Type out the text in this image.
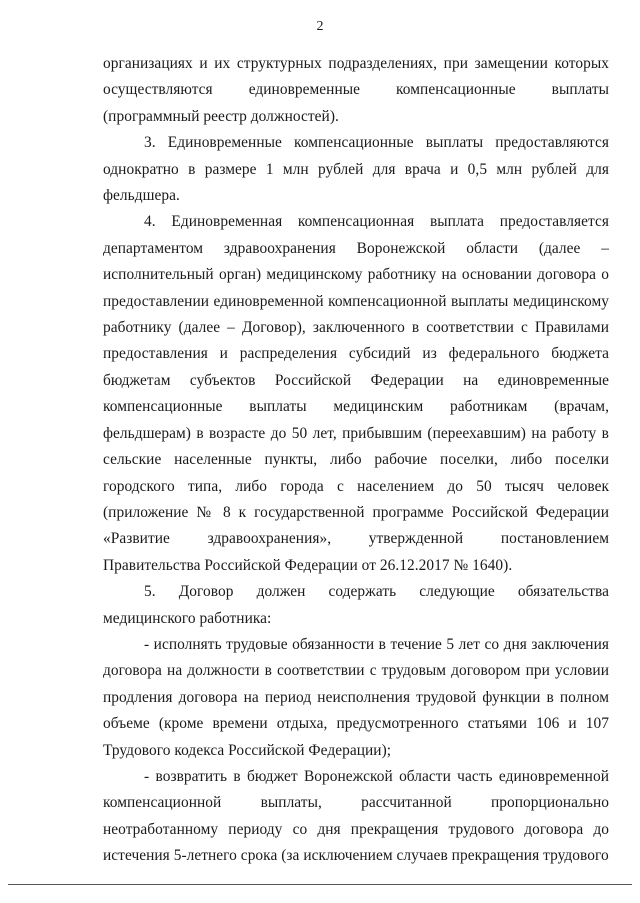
2

организациях и их структурных подразделениях, при замещении которых осуществляются единовременные компенсационные выплаты (программный реестр должностей).

3. Единовременные компенсационные выплаты предоставляются однократно в размере 1 млн рублей для врача и 0,5 млн рублей для фельдшера.

4. Единовременная компенсационная выплата предоставляется департаментом здравоохранения Воронежской области (далее – исполнительный орган) медицинскому работнику на основании договора о предоставлении единовременной компенсационной выплаты медицинскому работнику (далее – Договор), заключенного в соответствии с Правилами предоставления и распределения субсидий из федерального бюджета бюджетам субъектов Российской Федерации на единовременные компенсационные выплаты медицинским работникам (врачам, фельдшерам) в возрасте до 50 лет, прибывшим (переехавшим) на работу в сельские населенные пункты, либо рабочие поселки, либо поселки городского типа, либо города с населением до 50 тысяч человек (приложение № 8 к государственной программе Российской Федерации «Развитие здравоохранения», утвержденной постановлением Правительства Российской Федерации от 26.12.2017 № 1640).

5. Договор должен содержать следующие обязательства медицинского работника:

- исполнять трудовые обязанности в течение 5 лет со дня заключения договора на должности в соответствии с трудовым договором при условии продления договора на период неисполнения трудовой функции в полном объеме (кроме времени отдыха, предусмотренного статьями 106 и 107 Трудового кодекса Российской Федерации);

- возвратить в бюджет Воронежской области часть единовременной компенсационной выплаты, рассчитанной пропорционально неотработанному периоду со дня прекращения трудового договора до истечения 5-летнего срока (за исключением случаев прекращения трудового
